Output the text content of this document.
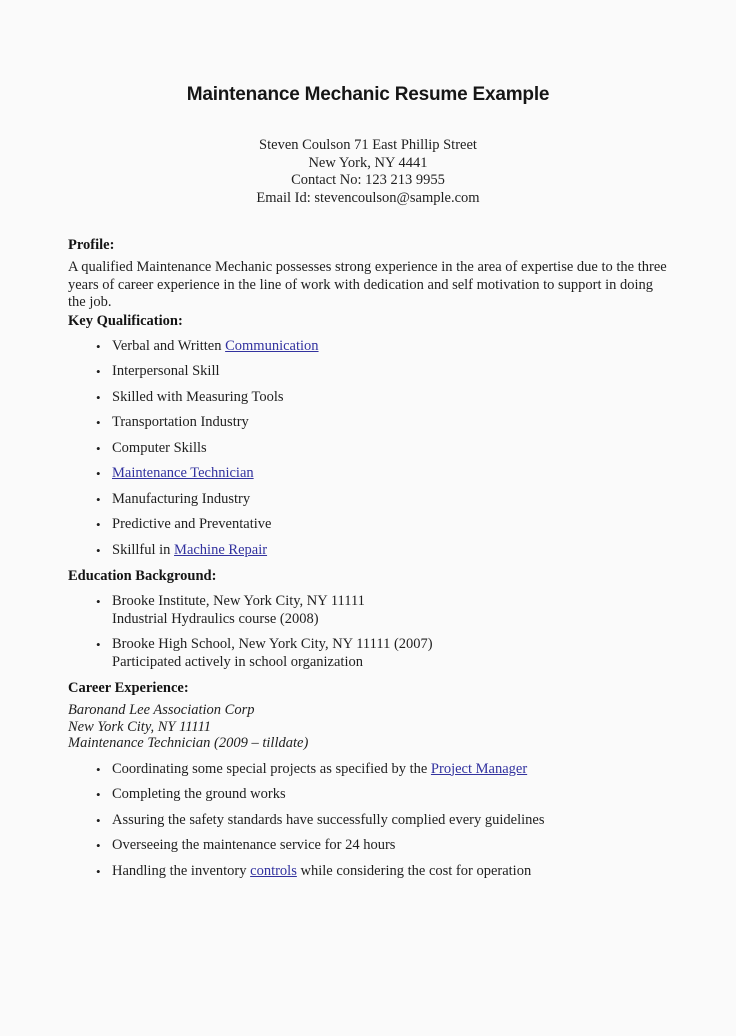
Maintenance Mechanic Resume Example
Steven Coulson 71 East Phillip Street
New York, NY 4441
Contact No: 123 213 9955
Email Id: stevencoulson@sample.com
Profile:

A qualified Maintenance Mechanic possesses strong experience in the area of expertise due to the three years of career experience in the line of work with dedication and self motivation to support in doing the job.

Key Qualification:
• Verbal and Written Communication
• Interpersonal Skill
• Skilled with Measuring Tools
• Transportation Industry
• Computer Skills
• Maintenance Technician
• Manufacturing Industry
• Predictive and Preventative
• Skillful in Machine Repair
Education Background:
• Brooke Institute, New York City, NY 11111
Industrial Hydraulics course (2008)
• Brooke High School, New York City, NY 11111 (2007)
Participated actively in school organization
Career Experience:
Baronand Lee Association Corp
New York City, NY 11111
Maintenance Technician (2009 – tilldate)
• Coordinating some special projects as specified by the Project Manager
• Completing the ground works
• Assuring the safety standards have successfully complied every guidelines
• Overseeing the maintenance service for 24 hours
• Handling the inventory controls while considering the cost for operation
